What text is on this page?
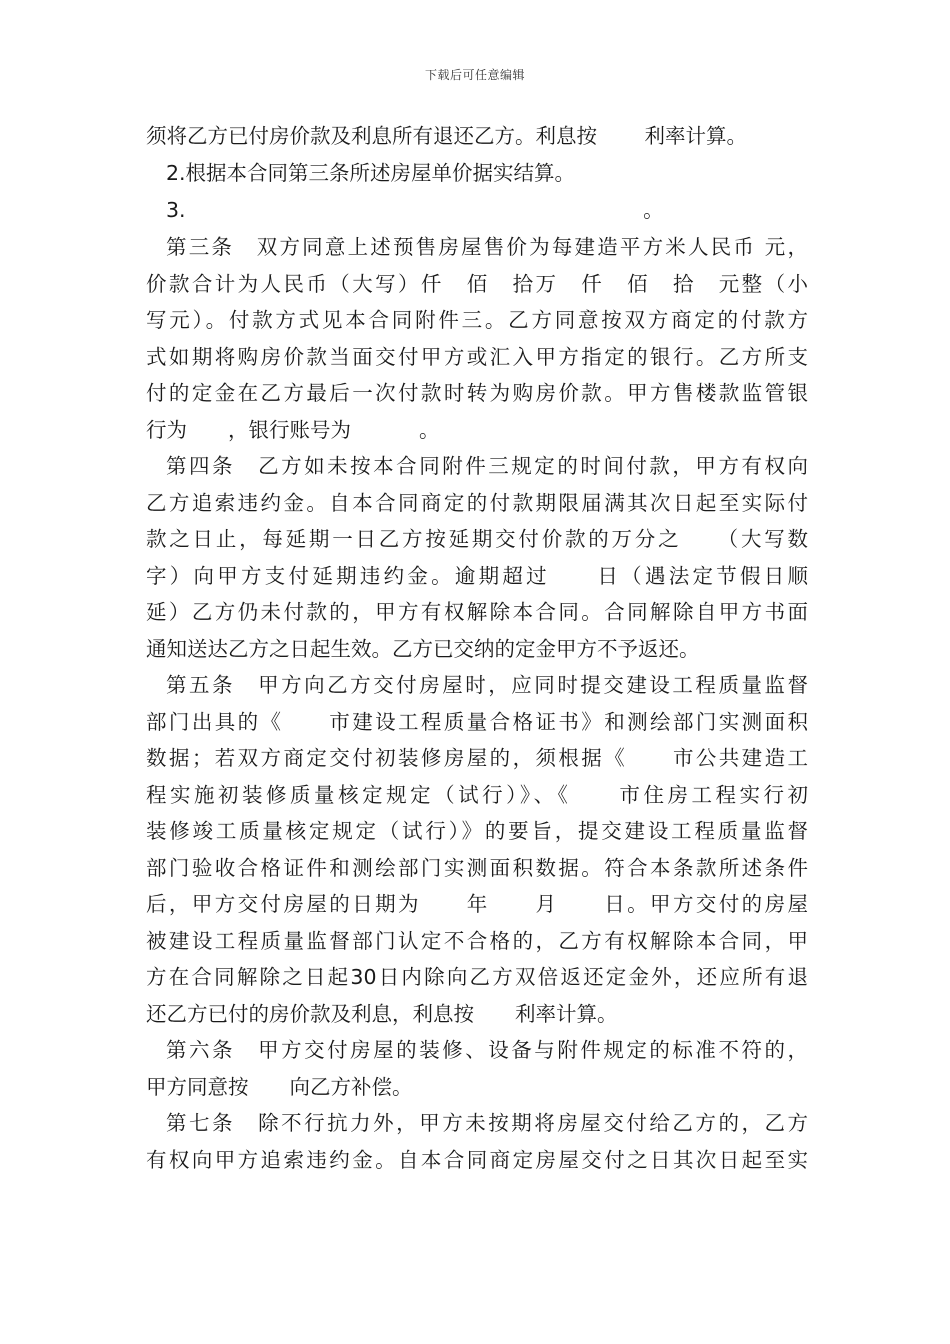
下载后可任意编辑
须将乙方已付房价款及利息所有退还乙方。利息按　　 利率计算。
2.根据本合同第三条所述房屋单价据实结算。
3.　　　　　　　　　　　　　　　　　　　　　　 。
第三条　双方同意上述预售房屋售价为每建造平方米人民币 元，
价款合计为人民币（大写）仟　佰　拾万　仟　佰　拾　元整（小
写元）。付款方式见本合同附件三。乙方同意按双方商定的付款方
式如期将购房价款当面交付甲方或汇入甲方指定的银行。乙方所支
付的定金在乙方最后一次付款时转为购房价款。甲方售楼款监管银
行为　　，银行账号为　　　 。
第四条　乙方如未按本合同附件三规定的时间付款，甲方有权向
乙方追索违约金。自本合同商定的付款期限届满其次日起至实际付
款之日止，每延期一日乙方按延期交付价款的万分之　　（大写数
字）向甲方支付延期违约金。逾期超过　　日（遇法定节假日顺
延）乙方仍未付款的，甲方有权解除本合同。合同解除自甲方书面
通知送达乙方之日起生效。乙方已交纳的定金甲方不予返还。
第五条　甲方向乙方交付房屋时，应同时提交建设工程质量监督
部门出具的《　　市建设工程质量合格证书》和测绘部门实测面积
数据；若双方商定交付初装修房屋的，须根据《　　市公共建造工
程实施初装修质量核定规定（试行）》、《　　市住房工程实行初
装修竣工质量核定规定（试行）》的要旨，提交建设工程质量监督
部门验收合格证件和测绘部门实测面积数据。符合本条款所述条件
后，甲方交付房屋的日期为　　年　　月　　日。甲方交付的房屋
被建设工程质量监督部门认定不合格的，乙方有权解除本合同，甲
方在合同解除之日起30日内除向乙方双倍返还定金外，还应所有退
还乙方已付的房价款及利息，利息按　　利率计算。
第六条　甲方交付房屋的装修、设备与附件规定的标准不符的，
甲方同意按　　向乙方补偿。
第七条　除不行抗力外，甲方未按期将房屋交付给乙方的，乙方
有权向甲方追索违约金。自本合同商定房屋交付之日其次日起至实
